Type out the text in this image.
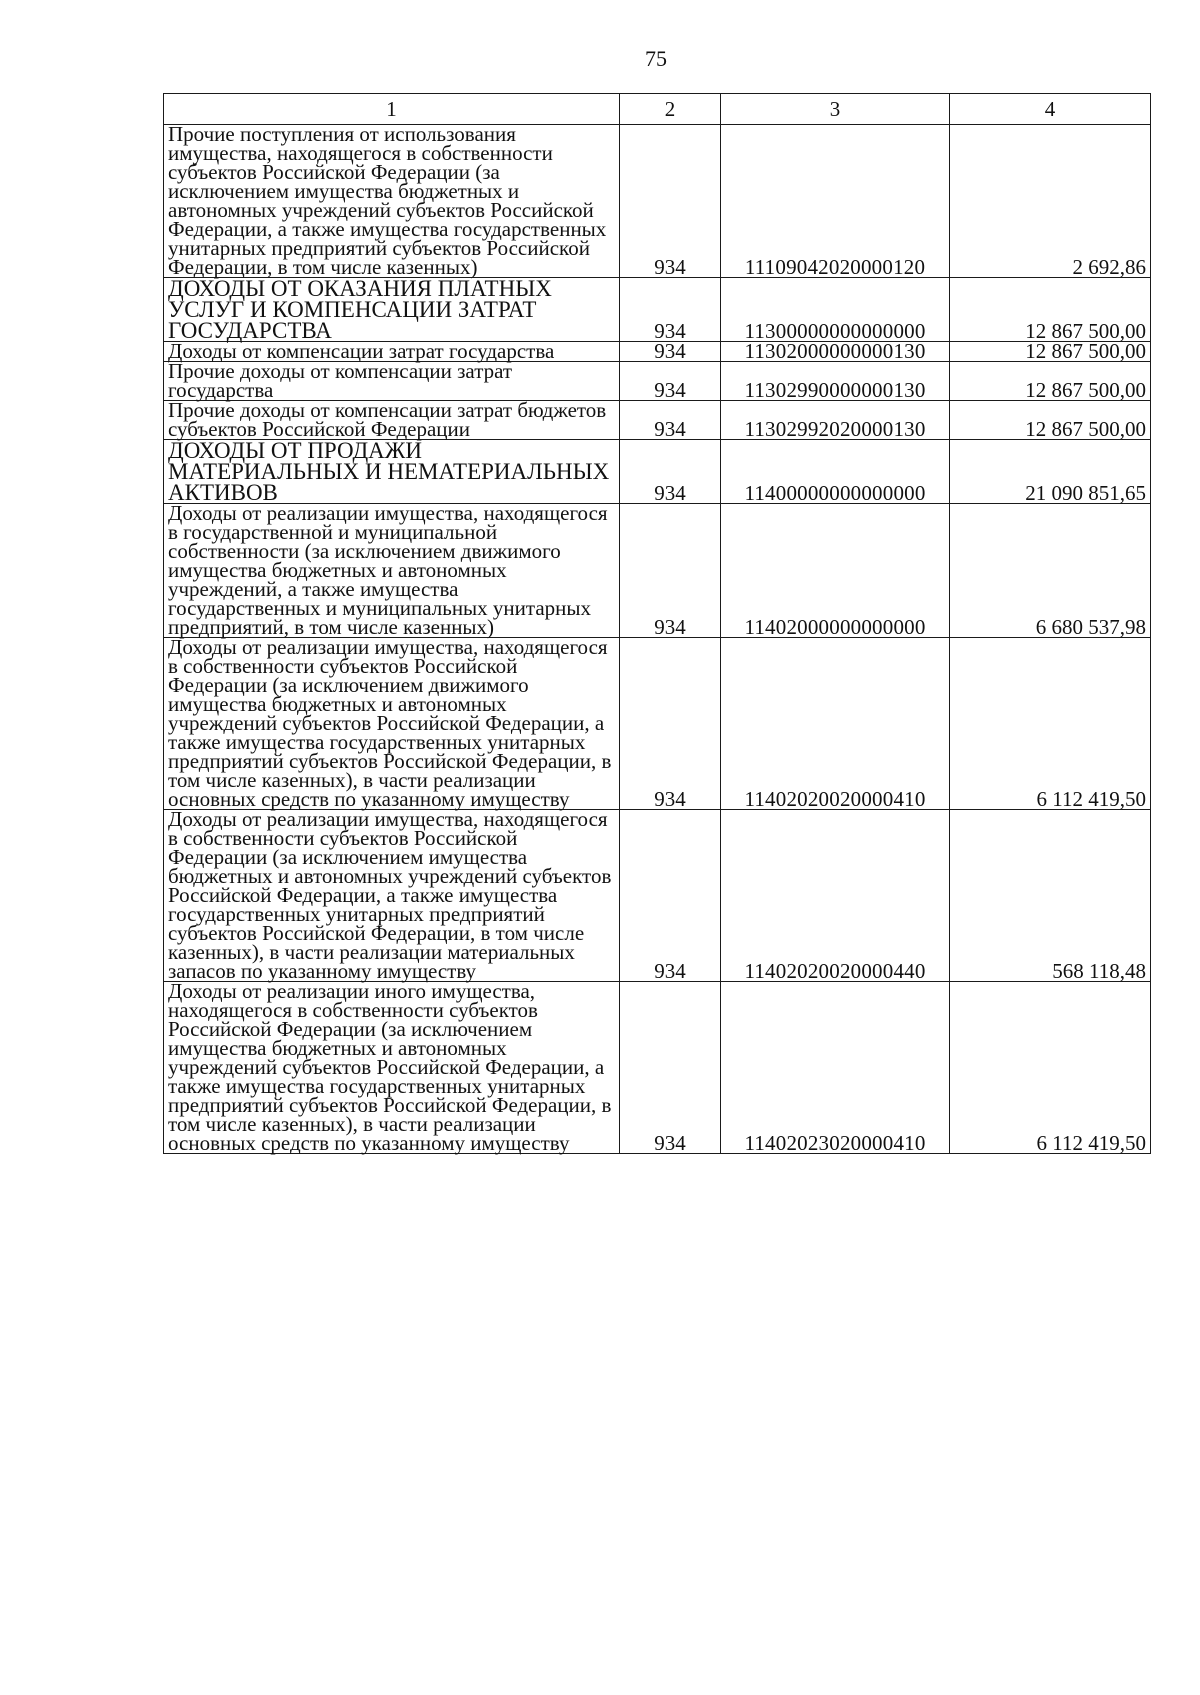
75
1	2	3	4
Прочие поступления от использования имущества, находящегося в собственности субъектов Российской Федерации (за исключением имущества бюджетных и автономных учреждений субъектов Российской Федерации, а также имущества государственных унитарных предприятий субъектов Российской Федерации, в том числе казенных)	934	11109042020000120	2 692,86
ДОХОДЫ ОТ ОКАЗАНИЯ ПЛАТНЫХ УСЛУГ И КОМПЕНСАЦИИ ЗАТРАТ ГОСУДАРСТВА	934	11300000000000000	12 867 500,00
Доходы от компенсации затрат государства	934	11302000000000130	12 867 500,00
Прочие доходы от компенсации затрат государства	934	11302990000000130	12 867 500,00
Прочие доходы от компенсации затрат бюджетов субъектов Российской Федерации	934	11302992020000130	12 867 500,00
ДОХОДЫ ОТ ПРОДАЖИ МАТЕРИАЛЬНЫХ И НЕМАТЕРИАЛЬНЫХ АКТИВОВ	934	11400000000000000	21 090 851,65
Доходы от реализации имущества, находящегося в государственной и муниципальной собственности (за исключением движимого имущества бюджетных и автономных учреждений, а также имущества государственных и муниципальных унитарных предприятий, в том числе казенных)	934	11402000000000000	6 680 537,98
Доходы от реализации имущества, находящегося в собственности субъектов Российской Федерации (за исключением движимого имущества бюджетных и автономных учреждений субъектов Российской Федерации, а также имущества государственных унитарных предприятий субъектов Российской Федерации, в том числе казенных), в части реализации основных средств по указанному имуществу	934	11402020020000410	6 112 419,50
Доходы от реализации имущества, находящегося в собственности субъектов Российской Федерации (за исключением имущества бюджетных и автономных учреждений субъектов Российской Федерации, а также имущества государственных унитарных предприятий субъектов Российской Федерации, в том числе казенных), в части реализации материальных запасов по указанному имуществу	934	11402020020000440	568 118,48
Доходы от реализации иного имущества, находящегося в собственности субъектов Российской Федерации (за исключением имущества бюджетных и автономных учреждений субъектов Российской Федерации, а также имущества государственных унитарных предприятий субъектов Российской Федерации, в том числе казенных), в части реализации основных средств по указанному имуществу	934	11402023020000410	6 112 419,50
